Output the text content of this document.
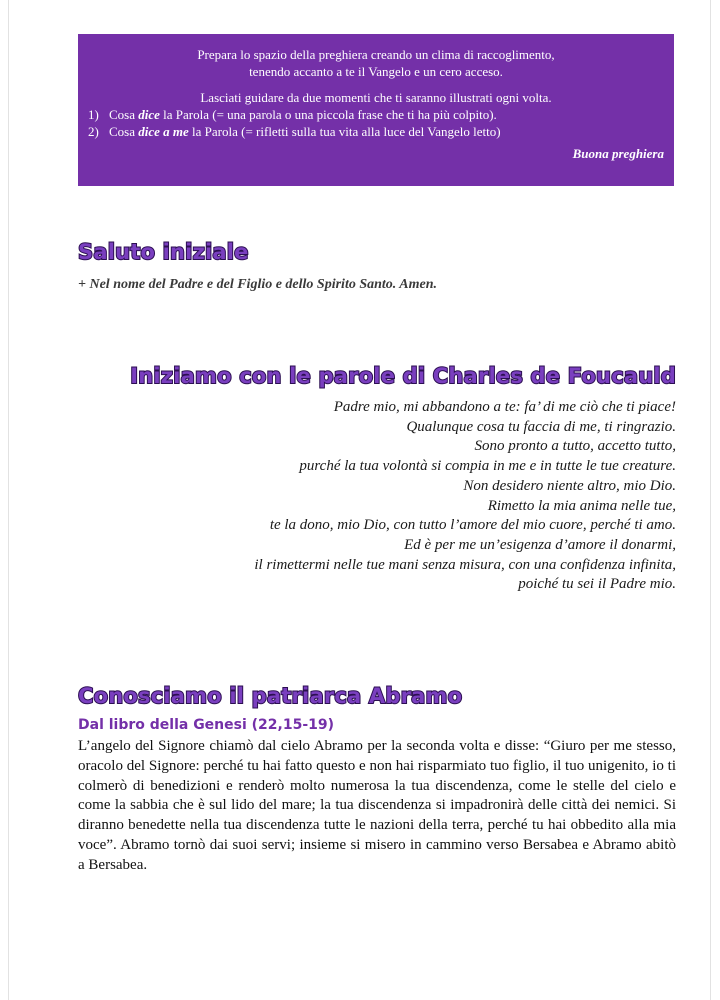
Prepara lo spazio della preghiera creando un clima di raccoglimento,
tenendo accanto a te il Vangelo e un cero acceso.
Lasciati guidare da due momenti che ti saranno illustrati ogni volta.
1) Cosa dice la Parola (= una parola o una piccola frase che ti ha più colpito).
2) Cosa dice a me la Parola (= rifletti sulla tua vita alla luce del Vangelo letto)
Buona preghiera
Saluto iniziale
+ Nel nome del Padre e del Figlio e dello Spirito Santo. Amen.
Iniziamo con le parole di Charles de Foucauld
Padre mio, mi abbandono a te: fa’ di me ciò che ti piace!
Qualunque cosa tu faccia di me, ti ringrazio.
Sono pronto a tutto, accetto tutto,
purché la tua volontà si compia in me e in tutte le tue creature.
Non desidero niente altro, mio Dio.
Rimetto la mia anima nelle tue,
te la dono, mio Dio, con tutto l’amore del mio cuore, perché ti amo.
Ed è per me un’esigenza d’amore il donarmi,
il rimettermi nelle tue mani senza misura, con una confidenza infinita,
poiché tu sei il Padre mio.
Conosciamo il patriarca Abramo
Dal libro della Genesi (22,15-19)
L’angelo del Signore chiamò dal cielo Abramo per la seconda volta e disse: “Giuro per me stesso, oracolo del Signore: perché tu hai fatto questo e non hai risparmiato tuo figlio, il tuo unigenito, io ti colmerò di benedizioni e renderò molto numerosa la tua discendenza, come le stelle del cielo e come la sabbia che è sul lido del mare; la tua discendenza si impadronirà delle città dei nemici. Si diranno benedette nella tua discendenza tutte le nazioni della terra, perché tu hai obbedito alla mia voce”. Abramo tornò dai suoi servi; insieme si misero in cammino verso Bersabea e Abramo abitò a Bersabea.
